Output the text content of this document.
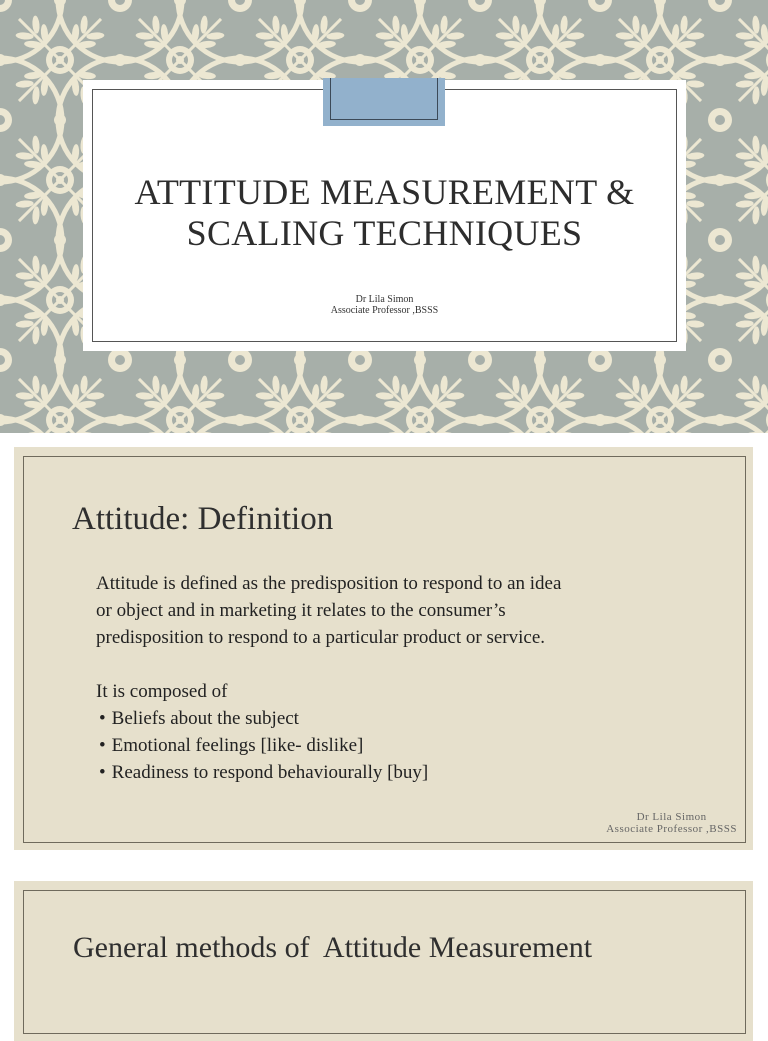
ATTITUDE MEASUREMENT &
SCALING TECHNIQUES
Dr Lila Simon
Associate Professor ,BSSS
Attitude: Definition

Attitude is defined as the predisposition to respond to an idea

or object and in marketing it relates to the consumer’s

predisposition to respond to a particular product or service.

It is composed of

• Beliefs about the subject
• Emotional feelings [like- dislike]
• Readiness to respond behaviourally [buy]
Dr Lila Simon
Associate Professor ,BSSS
General methods of  Attitude Measurement
